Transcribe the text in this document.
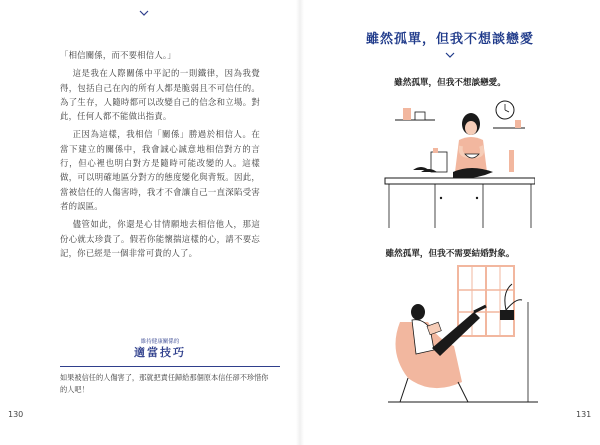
「相信關係，而不要相信人。」

這是我在人際關係中平記的一則鐵律，因為我覺得，包括自己在內的所有人都是脆弱且不可信任的。為了生存，人隨時都可以改變自己的信念和立場。對此，任何人都不能做出指責。

正因為這樣，我相信「關係」勝過於相信人。在當下建立的關係中，我會誠心誠意地相信對方的言行，但心裡也明白對方是隨時可能改變的人。這樣做，可以明確地區分對方的態度變化與背叛。因此，當被信任的人傷害時，我才不會讓自己一直深陷受害者的誤區。

儘管如此，你還是心甘情願地去相信他人，那這份心就太珍貴了。假若你能懷揣這樣的心，請不要忘記，你已經是一個非常可貴的人了。

維持健康關係的
適當技巧
如果被信任的人傷害了，那就把責任歸給那個原本信任卻不珍惜你的人吧！
130
雖然孤單，但我不想談戀愛
雖然孤單，但我不想談戀愛。
雖然孤單，但我不需要結婚對象。
131
